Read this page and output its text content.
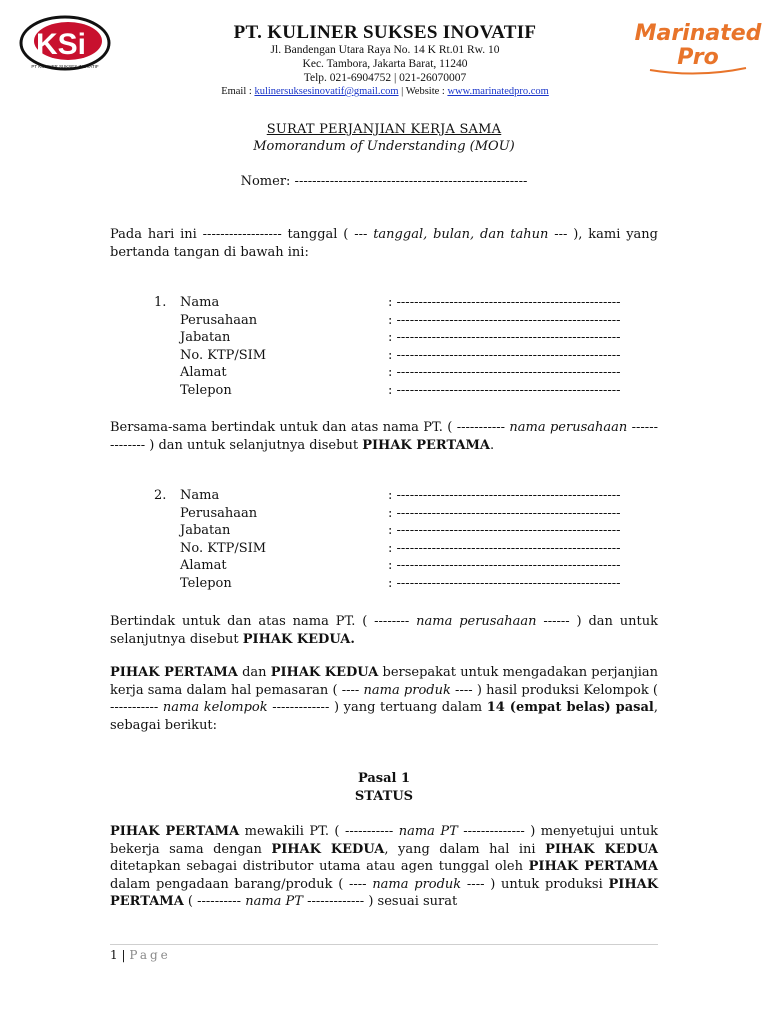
KSi
PT KULINER SUKSES INOVATIF
Marinated
Pro
PT. KULINER SUKSES INOVATIF
Jl. Bandengan Utara Raya No. 14 K Rt.01 Rw. 10
Kec. Tambora, Jakarta Barat, 11240
Telp. 021-6904752 | 021-26070007
Email : kulinersuksesinovatif@gmail.com | Website : www.marinatedpro.com
SURAT PERJANJIAN KERJA SAMA
Momorandum of Understanding (MOU)
Nomer: -----------------------------------------------------
Pada hari ini ------------------ tanggal ( --- tanggal, bulan, dan tahun --- ), kami yang bertanda tangan di bawah ini:
1. Nama	: ---------------------------------------------------
Perusahaan	: ---------------------------------------------------
Jabatan	: ---------------------------------------------------
No. KTP/SIM	: ---------------------------------------------------
Alamat	: ---------------------------------------------------
Telepon	: ---------------------------------------------------
Bersama-sama bertindak untuk dan atas nama PT. ( ----------- nama perusahaan -------------- ) dan untuk selanjutnya disebut PIHAK PERTAMA.
2. Nama	: ---------------------------------------------------
Perusahaan	: ---------------------------------------------------
Jabatan	: ---------------------------------------------------
No. KTP/SIM	: ---------------------------------------------------
Alamat	: ---------------------------------------------------
Telepon	: ---------------------------------------------------
Bertindak untuk dan atas nama PT. ( -------- nama perusahaan ------ ) dan untuk selanjutnya disebut PIHAK KEDUA.
PIHAK PERTAMA dan PIHAK KEDUA bersepakat untuk mengadakan perjanjian kerja sama dalam hal pemasaran ( ---- nama produk ---- ) hasil produksi Kelompok ( ----------- nama kelompok ------------- ) yang tertuang dalam 14 (empat belas) pasal, sebagai berikut:
Pasal 1
STATUS
PIHAK PERTAMA mewakili PT. ( ----------- nama PT -------------- ) menyetujui untuk bekerja sama dengan PIHAK KEDUA, yang dalam hal ini PIHAK KEDUA ditetapkan sebagai distributor utama atau agen tunggal oleh PIHAK PERTAMA dalam pengadaan barang/produk ( ---- nama produk ---- ) untuk produksi PIHAK PERTAMA ( ---------- nama PT ------------- ) sesuai surat
1 | Page
